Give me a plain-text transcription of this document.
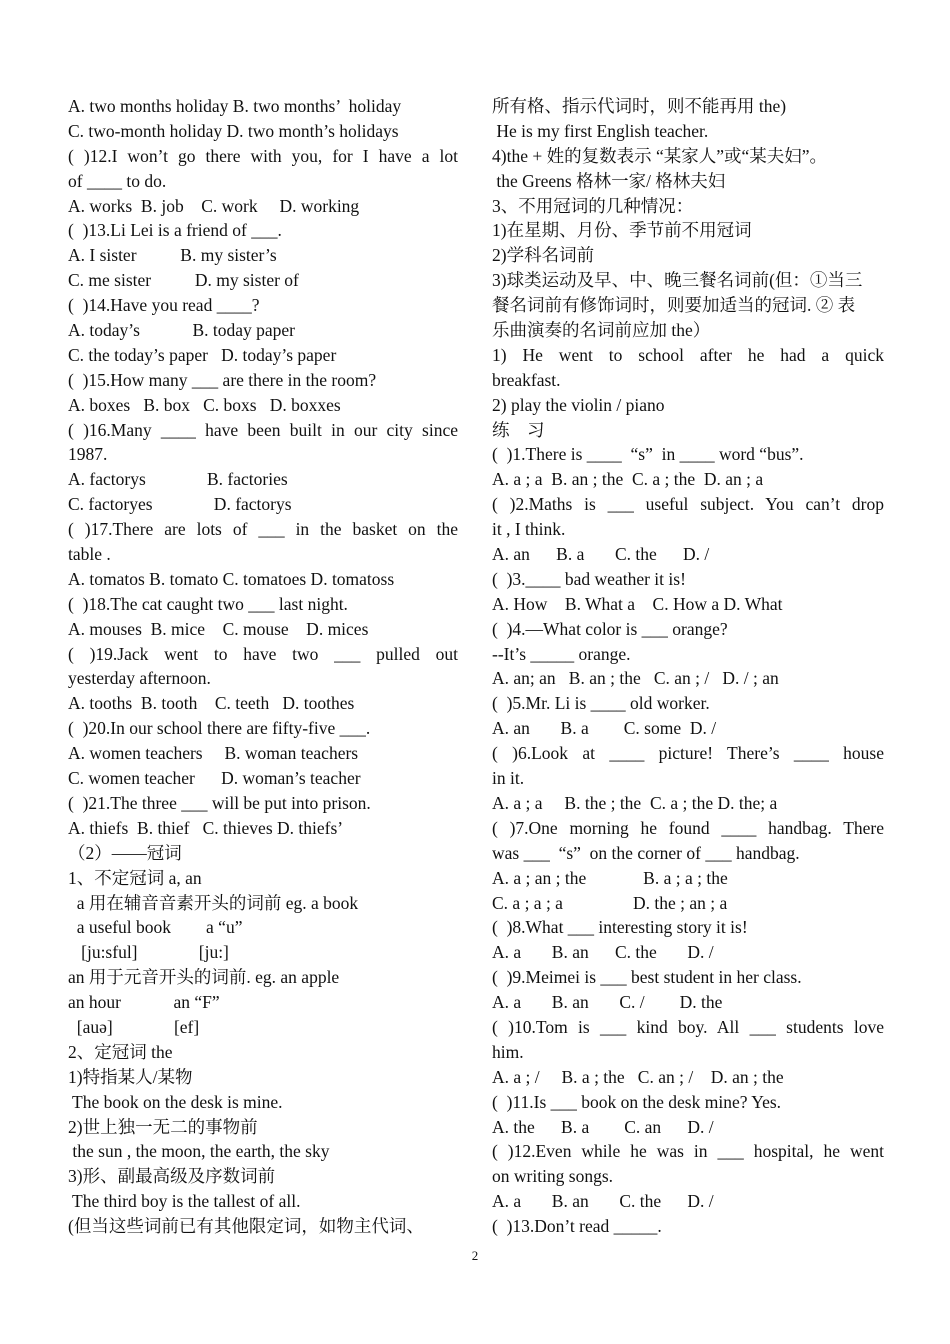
A. two months holiday B. two months’  holiday
C. two-month holiday D. two month’s holidays
( )12.I won’t go there with you, for I have a lot
of ____ to do.
A. works  B. job    C. work     D. working
(  )13.Li Lei is a friend of ___.
A. I sister          B. my sister’s
C. me sister          D. my sister of
(  )14.Have you read ____?
A. today’s            B. today paper
C. the today’s paper   D. today’s paper
(  )15.How many ___ are there in the room?
A. boxes   B. box   C. boxs   D. boxxes
( )16.Many ____ have been built in our city since
1987.
A. factorys              B. factories
C. factoryes              D. factorys
( )17.There are lots of ___ in the basket on the
table .
A. tomatos B. tomato C. tomatoes D. tomatoss
(  )18.The cat caught two ___ last night.
A. mouses  B. mice    C. mouse    D. mices
( )19.Jack went to have two ___ pulled out
yesterday afternoon.
A. tooths  B. tooth    C. teeth   D. toothes
(  )20.In our school there are fifty-five ___.
A. women teachers     B. woman teachers
C. women teacher      D. woman’s teacher
(  )21.The three ___ will be put into prison.
A. thiefs  B. thief   C. thieves D. thiefs’
（2）——冠词
1、不定冠词 a, an
a 用在辅音音素开头的词前 eg. a book
a useful book        a “u”
[ju:sful]              [ju:]
an 用于元音开头的词前. eg. an apple
an hour            an “F”
[auə]              [ef]
2、定冠词 the
1)特指某人/某物
The book on the desk is mine.
2)世上独一无二的事物前
the sun , the moon, the earth, the sky
3)形、副最高级及序数词前
The third boy is the tallest of all.
(但当这些词前已有其他限定词，如物主代词、
所有格、指示代词时，则不能再用 the)
He is my first English teacher.
4)the + 姓的复数表示 “某家人”或“某夫妇”。
the Greens 格林一家/ 格林夫妇
3、不用冠词的几种情况：
1)在星期、月份、季节前不用冠词
2)学科名词前
3)球类运动及早、中、晚三餐名词前(但：①当三
餐名词前有修饰词时，则要加适当的冠词. ② 表
乐曲演奏的名词前应加 the）
1) He went to school after he had a quick
breakfast.
2) play the violin / piano
练    习
(  )1.There is ____  “s”  in ____ word “bus”.
A. a ; a  B. an ; the  C. a ; the  D. an ; a
( )2.Maths is ___ useful subject. You can’t drop
it , I think.
A. an      B. a       C. the      D. /
(  )3.____ bad weather it is!
A. How    B. What a    C. How a D. What
(  )4.—What color is ___ orange?
--It’s _____ orange.
A. an; an   B. an ; the   C. an ; /   D. / ; an
(  )5.Mr. Li is ____ old worker.
A. an       B. a        C. some  D. /
( )6.Look at ____ picture! There’s ____ house
in it.
A. a ; a     B. the ; the  C. a ; the D. the; a
( )7.One morning he found ____ handbag. There
was ___  “s”  on the corner of ___ handbag.
A. a ; an ; the             B. a ; a ; the
C. a ; a ; a                D. the ; an ; a
(  )8.What ___ interesting story it is!
A. a       B. an      C. the       D. /
(  )9.Meimei is ___ best student in her class.
A. a       B. an       C. /        D. the
( )10.Tom is ___ kind boy. All ___ students love
him.
A. a ; /     B. a ; the   C. an ; /    D. an ; the
(  )11.Is ___ book on the desk mine? Yes.
A. the      B. a        C. an      D. /
( )12.Even while he was in ___ hospital, he went
on writing songs.
A. a       B. an       C. the      D. /
(  )13.Don’t read _____.
2
